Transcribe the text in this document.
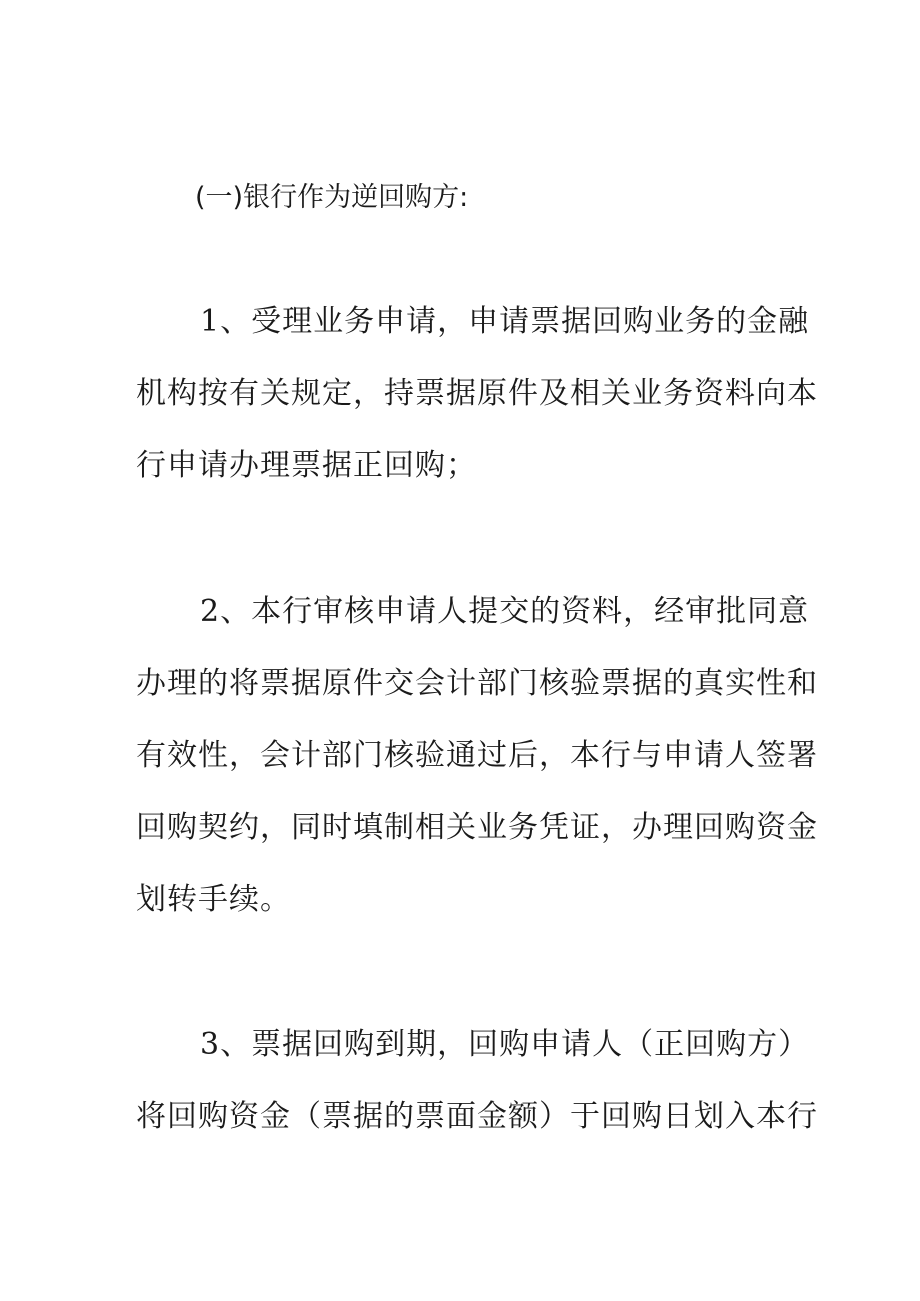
(一)银行作为逆回购方:
1、受理业务申请，申请票据回购业务的金融
机构按有关规定，持票据原件及相关业务资料向本
行申请办理票据正回购；
2、本行审核申请人提交的资料，经审批同意
办理的将票据原件交会计部门核验票据的真实性和
有效性，会计部门核验通过后，本行与申请人签署
回购契约，同时填制相关业务凭证，办理回购资金
划转手续。
3、票据回购到期，回购申请人（正回购方）
将回购资金（票据的票面金额）于回购日划入本行
